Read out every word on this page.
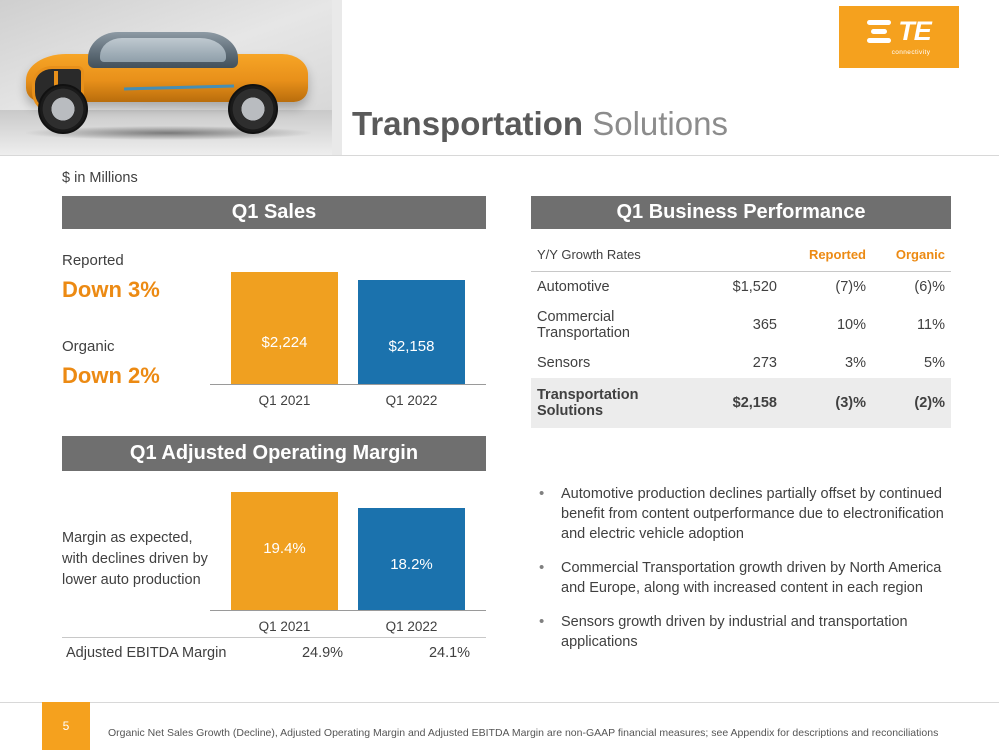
Transportation Solutions
TE
connectivity
$ in Millions
Q1 Sales
Reported
Down 3%
Organic
Down 2%
$2,224	$2,158
Q1 2021	Q1 2022
Q1 Adjusted Operating Margin
Margin as expected, with declines driven by lower auto production
19.4%
18.2%
Q1 2021	Q1 2022
Adjusted EBITDA Margin	24.9%	24.1%
Q1 Business Performance
Y/Y Growth Rates		Reported	Organic
Automotive	$1,520	(7)%	(6)%
Commercial Transportation	365	10%	11%
Sensors	273	3%	5%
Transportation Solutions	$2,158	(3)%	(2)%
• Automotive production declines partially offset by continued benefit from content outperformance due to electronification and electric vehicle adoption
• Commercial Transportation growth driven by North America and Europe, along with increased content in each region
• Sensors growth driven by industrial and transportation applications
5	Organic Net Sales Growth (Decline), Adjusted Operating Margin and Adjusted EBITDA Margin are non-GAAP financial measures; see Appendix for descriptions and reconciliations
